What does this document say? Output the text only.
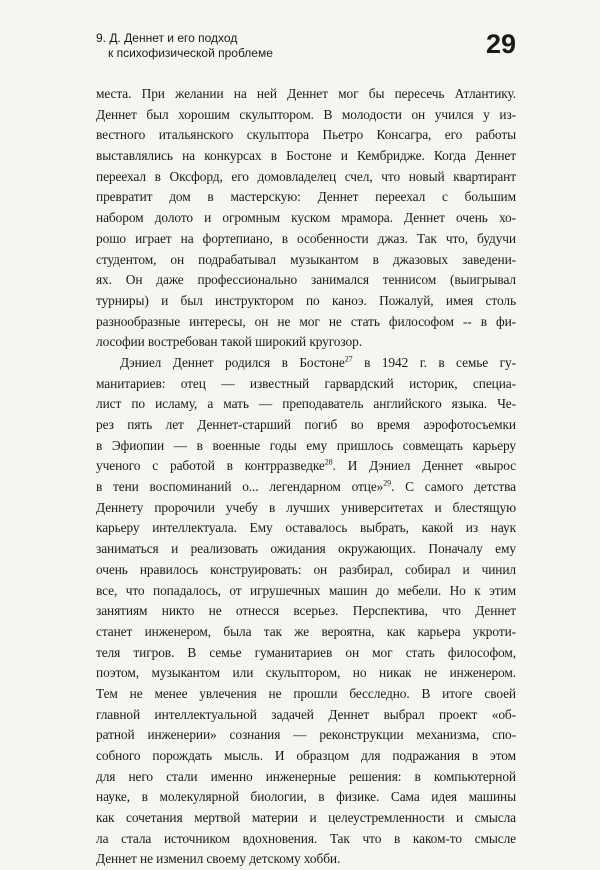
9. Д. Деннет и его подход
к психофизической проблеме	29
места. При желании на ней Деннет мог бы пересечь Атлантику.
Деннет был хорошим скульптором. В молодости он учился у из-
вестного итальянского скульптора Пьетро Консагра, его работы
выставлялись на конкурсах в Бостоне и Кембридже. Когда Деннет
переехал в Оксфорд, его домовладелец счел, что новый квартирант
превратит дом в мастерскую: Деннет переехал с большим
набором долото и огромным куском мрамора. Деннет очень хо-
рошо играет на фортепиано, в особенности джаз. Так что, будучи
студентом, он подрабатывал музыкантом в джазовых заведени-
ях. Он даже профессионально занимался теннисом (выигрывал
турниры) и был инструктором по каноэ. Пожалуй, имея столь
разнообразные интересы, он не мог не стать философом -- в фи-
лософии востребован такой широкий кругозор.
Дэниел Деннет родился в Бостоне$^{27}$ в 1942 г. в семье гу-
манитариев: отец — известный гарвардский историк, специа-
лист по исламу, а мать — преподаватель английского языка. Че-
рез пять лет Деннет-старший погиб во время аэрофотосъемки
в Эфиопии — в военные годы ему пришлось совмещать карьеру
ученого с работой в контрразведке$^{28}$. И Дэниел Деннет «вырос
в тени воспоминаний о... легендарном отце»$^{29}$. С самого детства
Деннету пророчили учебу в лучших университетах и блестящую
карьеру интеллектуала. Ему оставалось выбрать, какой из наук
заниматься и реализовать ожидания окружающих. Поначалу ему
очень нравилось конструировать: он разбирал, собирал и чинил
все, что попадалось, от игрушечных машин до мебели. Но к этим
занятиям никто не отнесся всерьез. Перспектива, что Деннет
станет инженером, была так же вероятна, как карьера укроти-
теля тигров. В семье гуманитариев он мог стать философом,
поэтом, музыкантом или скульптором, но никак не инженером.
Тем не менее увлечения не прошли бесследно. В итоге своей
главной интеллектуальной задачей Деннет выбрал проект «об-
ратной инженерии» сознания — реконструкции механизма, спо-
собного порождать мысль. И образцом для подражания в этом
для него стали именно инженерные решения: в компьютерной
науке, в молекулярной биологии, в физике. Сама идея машины
как сочетания мертвой материи и целеустремленности и смысла
ла стала источником вдохновения. Так что в каком-то смысле
Деннет не изменил своему детскому хобби.
